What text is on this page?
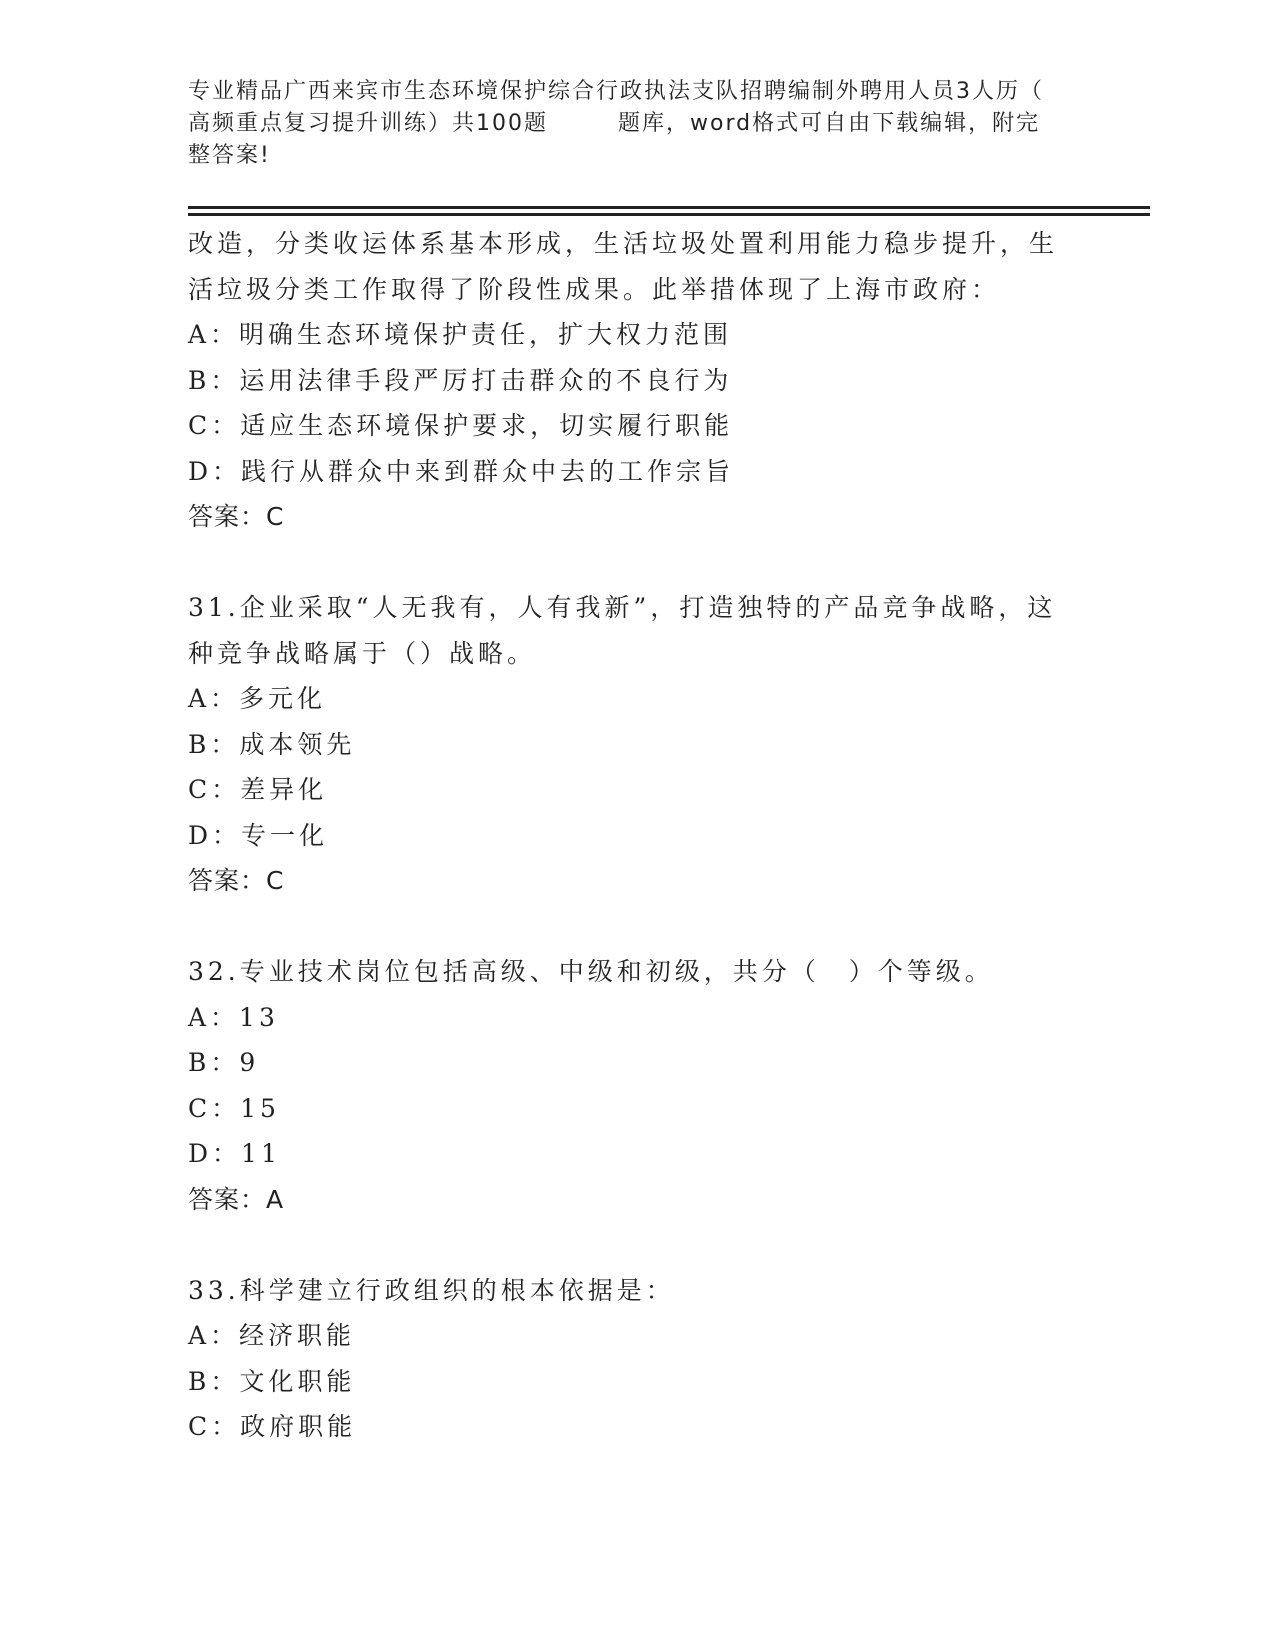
专业精品广西来宾市生态环境保护综合行政执法支队招聘编制外聘用人员3人历（
高频重点复习提升训练）共100题	题库，word格式可自由下载编辑，附完
整答案!
改造，分类收运体系基本形成，生活垃圾处置利用能力稳步提升，生
活垃圾分类工作取得了阶段性成果。此举措体现了上海市政府：
A：明确生态环境保护责任，扩大权力范围
B：运用法律手段严厉打击群众的不良行为
C：适应生态环境保护要求，切实履行职能
D：践行从群众中来到群众中去的工作宗旨
答案：C
31.企业采取“人无我有，人有我新”，打造独特的产品竞争战略，这
种竞争战略属于（）战略。
A：多元化
B：成本领先
C：差异化
D：专一化
答案：C
32.专业技术岗位包括高级、中级和初级，共分（　）个等级。
A：13
B：9
C：15
D：11
答案：A
33.科学建立行政组织的根本依据是：
A：经济职能
B：文化职能
C：政府职能
